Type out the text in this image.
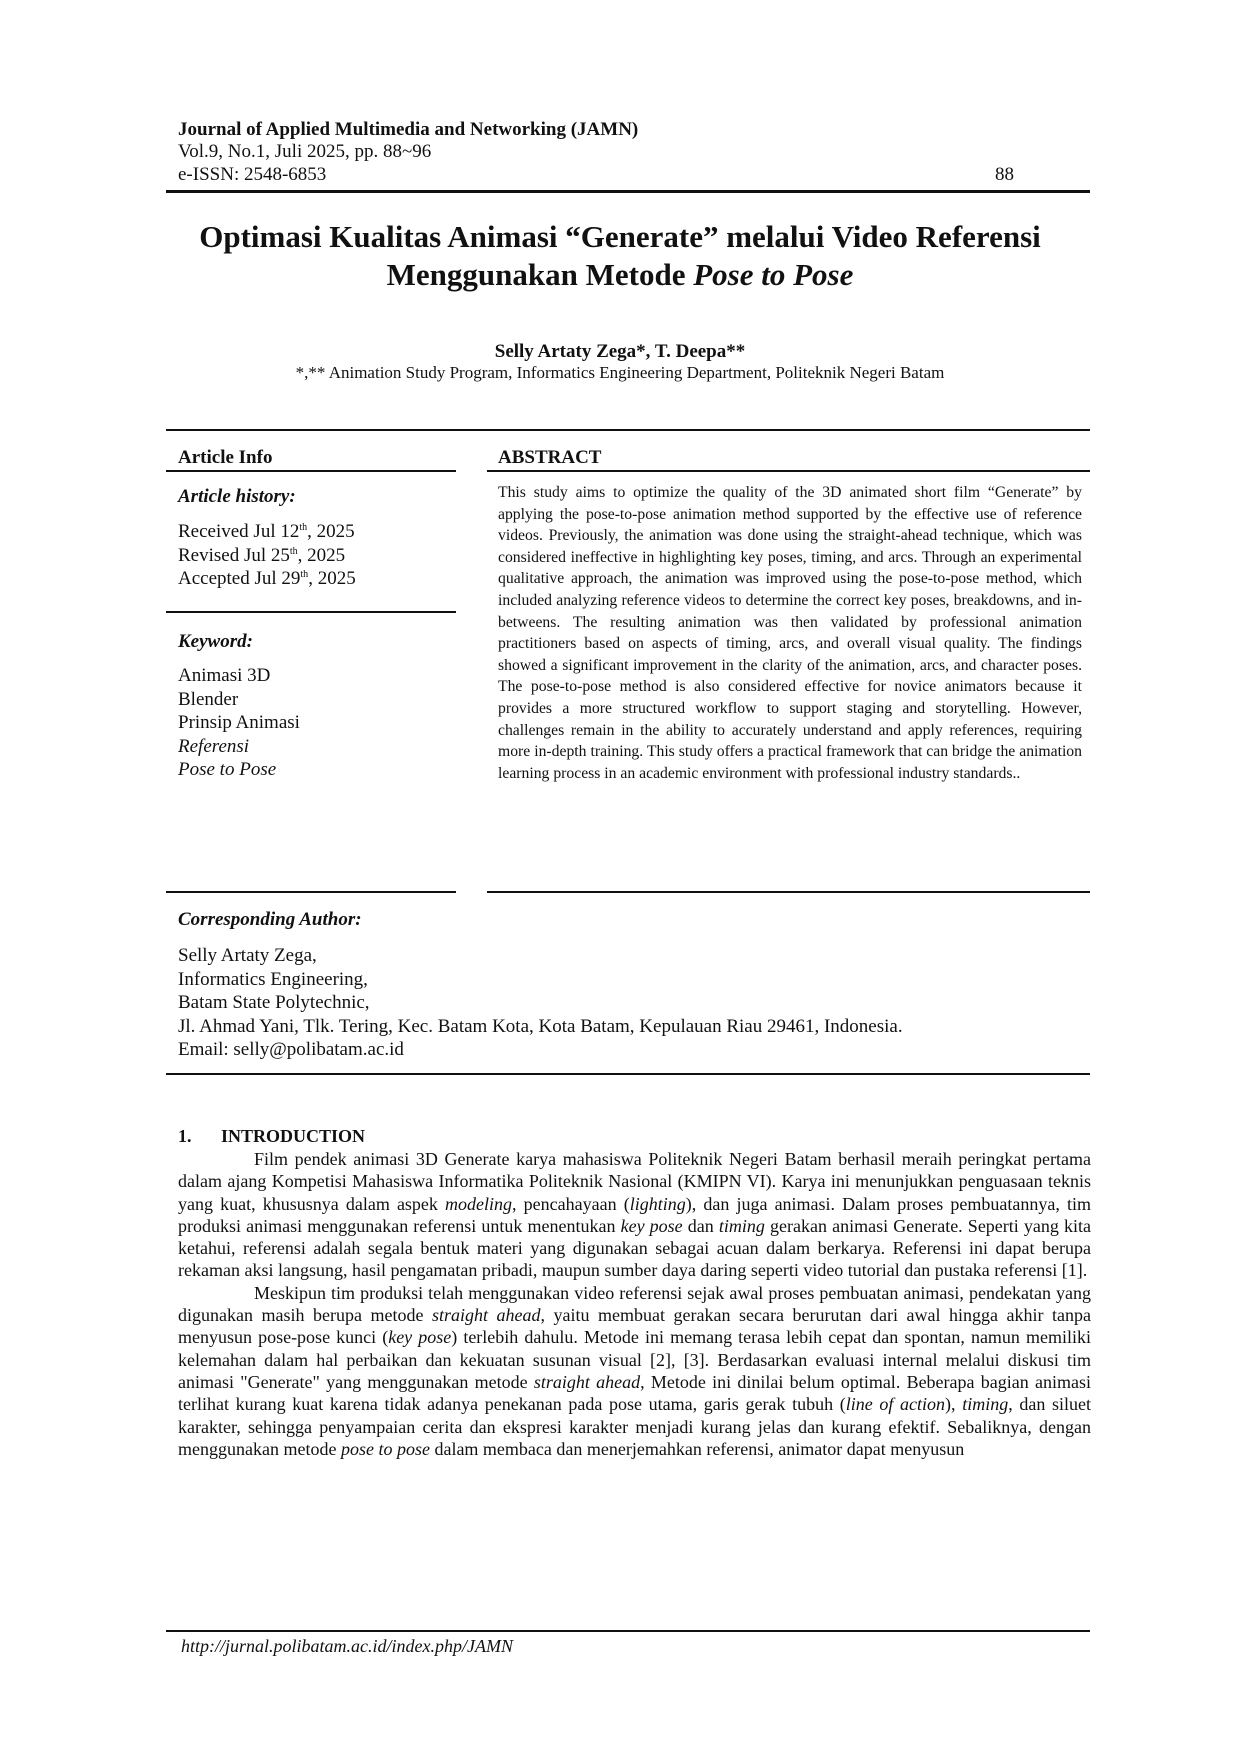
Journal of Applied Multimedia and Networking (JAMN)
Vol.9, No.1, Juli 2025, pp. 88~96
e-ISSN: 2548-6853	88
Optimasi Kualitas Animasi “Generate” melalui Video Referensi
Menggunakan Metode Pose to Pose
Selly Artaty Zega*, T. Deepa**
*,** Animation Study Program, Informatics Engineering Department, Politeknik Negeri Batam
Article Info
Article history:
Received Jul 12th, 2025
Revised Jul 25th, 2025
Accepted Jul 29th, 2025
Keyword:
Animasi 3D
Blender
Prinsip Animasi
Referensi
Pose to Pose
ABSTRACT
This study aims to optimize the quality of the 3D animated short film “Generate” by applying the pose-to-pose animation method supported by the effective use of reference videos. Previously, the animation was done using the straight-ahead technique, which was considered ineffective in highlighting key poses, timing, and arcs. Through an experimental qualitative approach, the animation was improved using the pose-to-pose method, which included analyzing reference videos to determine the correct key poses, breakdowns, and in-betweens. The resulting animation was then validated by professional animation practitioners based on aspects of timing, arcs, and overall visual quality. The findings showed a significant improvement in the clarity of the animation, arcs, and character poses. The pose-to-pose method is also considered effective for novice animators because it provides a more structured workflow to support staging and storytelling. However, challenges remain in the ability to accurately understand and apply references, requiring more in-depth training. This study offers a practical framework that can bridge the animation learning process in an academic environment with professional industry standards..
Corresponding Author:
Selly Artaty Zega,
Informatics Engineering,
Batam State Polytechnic,
Jl. Ahmad Yani, Tlk. Tering, Kec. Batam Kota, Kota Batam, Kepulauan Riau 29461, Indonesia.
Email: selly@polibatam.ac.id
1. INTRODUCTION

Film pendek animasi 3D Generate karya mahasiswa Politeknik Negeri Batam berhasil meraih peringkat pertama dalam ajang Kompetisi Mahasiswa Informatika Politeknik Nasional (KMIPN VI). Karya ini menunjukkan penguasaan teknis yang kuat, khususnya dalam aspek modeling, pencahayaan (lighting), dan juga animasi. Dalam proses pembuatannya, tim produksi animasi menggunakan referensi untuk menentukan key pose dan timing gerakan animasi Generate. Seperti yang kita ketahui, referensi adalah segala bentuk materi yang digunakan sebagai acuan dalam berkarya. Referensi ini dapat berupa rekaman aksi langsung, hasil pengamatan pribadi, maupun sumber daya daring seperti video tutorial dan pustaka referensi [1].

Meskipun tim produksi telah menggunakan video referensi sejak awal proses pembuatan animasi, pendekatan yang digunakan masih berupa metode straight ahead, yaitu membuat gerakan secara berurutan dari awal hingga akhir tanpa menyusun pose-pose kunci (key pose) terlebih dahulu. Metode ini memang terasa lebih cepat dan spontan, namun memiliki kelemahan dalam hal perbaikan dan kekuatan susunan visual [2], [3]. Berdasarkan evaluasi internal melalui diskusi tim animasi "Generate" yang menggunakan metode straight ahead, Metode ini dinilai belum optimal. Beberapa bagian animasi terlihat kurang kuat karena tidak adanya penekanan pada pose utama, garis gerak tubuh (line of action), timing, dan siluet karakter, sehingga penyampaian cerita dan ekspresi karakter menjadi kurang jelas dan kurang efektif. Sebaliknya, dengan menggunakan metode pose to pose dalam membaca dan menerjemahkan referensi, animator dapat menyusun

http://jurnal.polibatam.ac.id/index.php/JAMN
